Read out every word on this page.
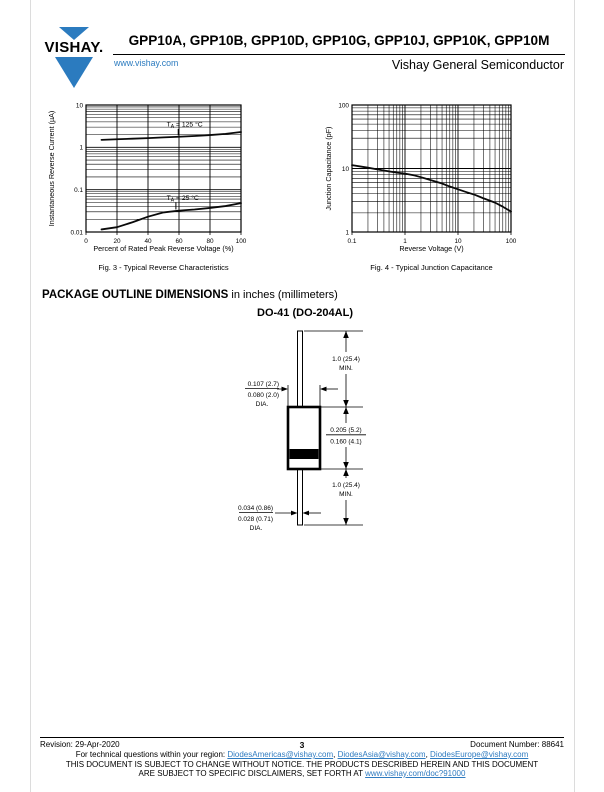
VISHAY.	GPP10A, GPP10B, GPP10D, GPP10G, GPP10J, GPP10K, GPP10M
www.vishay.com	Vishay General Semiconductor
0	20	40	60	80	100
10
1
0.1
0.01
$T_A = 125$ °C
$T_A = 25$ °C
Percent of Rated Peak Reverse Voltage (%)
Instantaneous Reverse Current (µA)
Fig. 3 - Typical Reverse Characteristics
0.1	1	10	100
100
10
1
Reverse Voltage (V)
Junction Capacitance (pF)
Fig. 4 - Typical Junction Capacitance
PACKAGE OUTLINE DIMENSIONS in inches (millimeters)
DO-41 (DO-204AL)
1.0 (25.4)
MIN.
0.205 (5.2)
0.160 (4.1)
1.0 (25.4)
MIN.
0.107 (2.7)
0.080 (2.0)
DIA.
0.034 (0.86)
0.028 (0.71)
DIA.
Revision: 29-Apr-2020	3	Document Number: 88641
For technical questions within your region: DiodesAmericas@vishay.com, DiodesAsia@vishay.com, DiodesEurope@vishay.com
THIS DOCUMENT IS SUBJECT TO CHANGE WITHOUT NOTICE. THE PRODUCTS DESCRIBED HEREIN AND THIS DOCUMENT
ARE SUBJECT TO SPECIFIC DISCLAIMERS, SET FORTH AT www.vishay.com/doc?91000
